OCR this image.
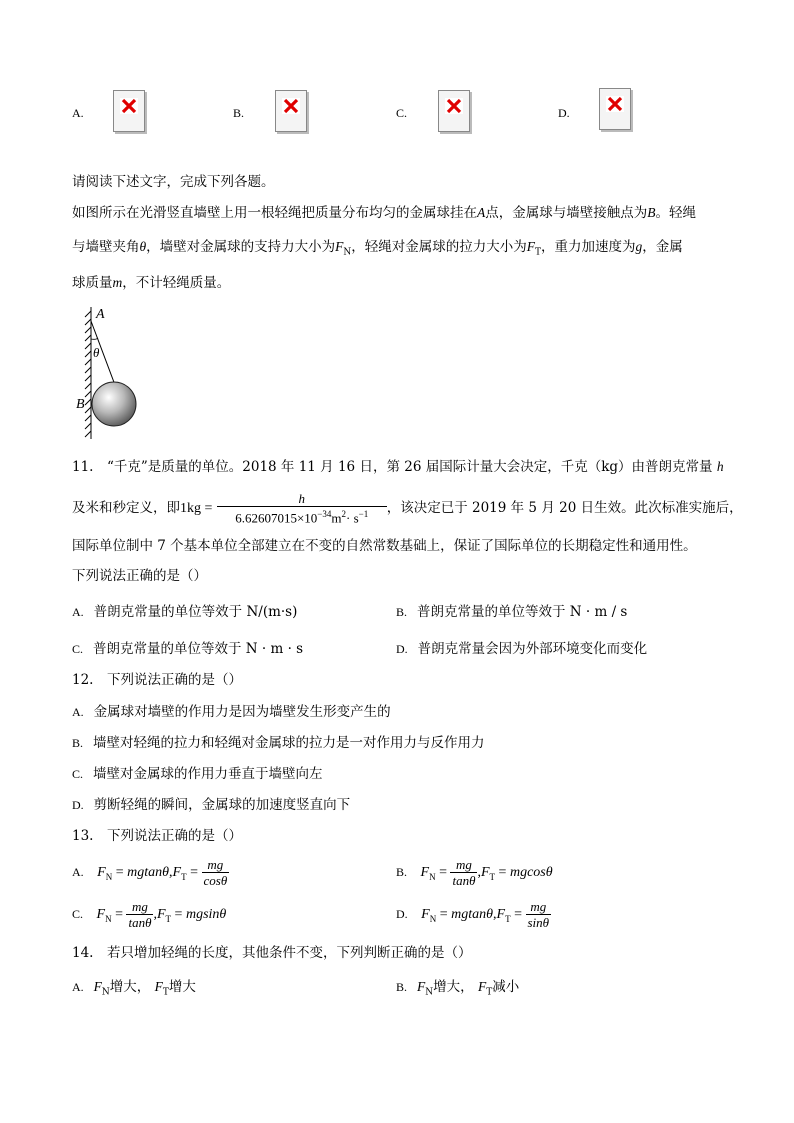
A.	B.	C.	D.
请阅读下述文字，完成下列各题。
如图所示在光滑竖直墙壁上用一根轻绳把质量分布均匀的金属球挂在A点，金属球与墙壁接触点为B。轻绳
与墙壁夹角θ，墙壁对金属球的支持力大小为$F_N$，轻绳对金属球的拉力大小为$F_T$，重力加速度为g，金属
球质量m，不计轻绳质量。
A
θ
B
11.　“千克”是质量的单位。2018 年 11 月 16 日，第 26 届国际计量大会决定，千克（kg）由普朗克常量 h
及米和秒定义，即$1kg = \frac{h}{6.62607015\times 10^{-34}m^2\cdot s^{-1}}$ ，该决定已于 2019 年 5 月 20 日生效。此次标准实施后，
国际单位制中 7 个基本单位全部建立在不变的自然常数基础上，保证了国际单位的长期稳定性和通用性。
下列说法正确的是（）
A. 普朗克常量的单位等效于 N/(m·s)	B. 普朗克常量的单位等效于 N · m / s
C. 普朗克常量的单位等效于 N · m · s	D. 普朗克常量会因为外部环境变化而变化
12.　下列说法正确的是（）
A. 金属球对墙壁的作用力是因为墙壁发生形变产生的
B. 墙壁对轻绳的拉力和轻绳对金属球的拉力是一对作用力与反作用力
C. 墙壁对金属球的作用力垂直于墙壁向左
D. 剪断轻绳的瞬间，金属球的加速度竖直向下
13.　下列说法正确的是（）
A. $F_N = mgtan\theta,F_T = \frac{mg}{\cos\theta}$	B. $F_N = \frac{mg}{\tan\theta} ,F_T = mgcos\theta$
C. $F_N = \frac{mg}{\tan\theta} ,F_T = mgsin\theta$	D. $F_N = mgtan\theta,F_T = \frac{mg}{\sin\theta}$
14.　若只增加轻绳的长度，其他条件不变，下列判断正确的是（）
A. $F_N$增大， $F_T$增大	B. $F_N$增大， $F_T$减小
